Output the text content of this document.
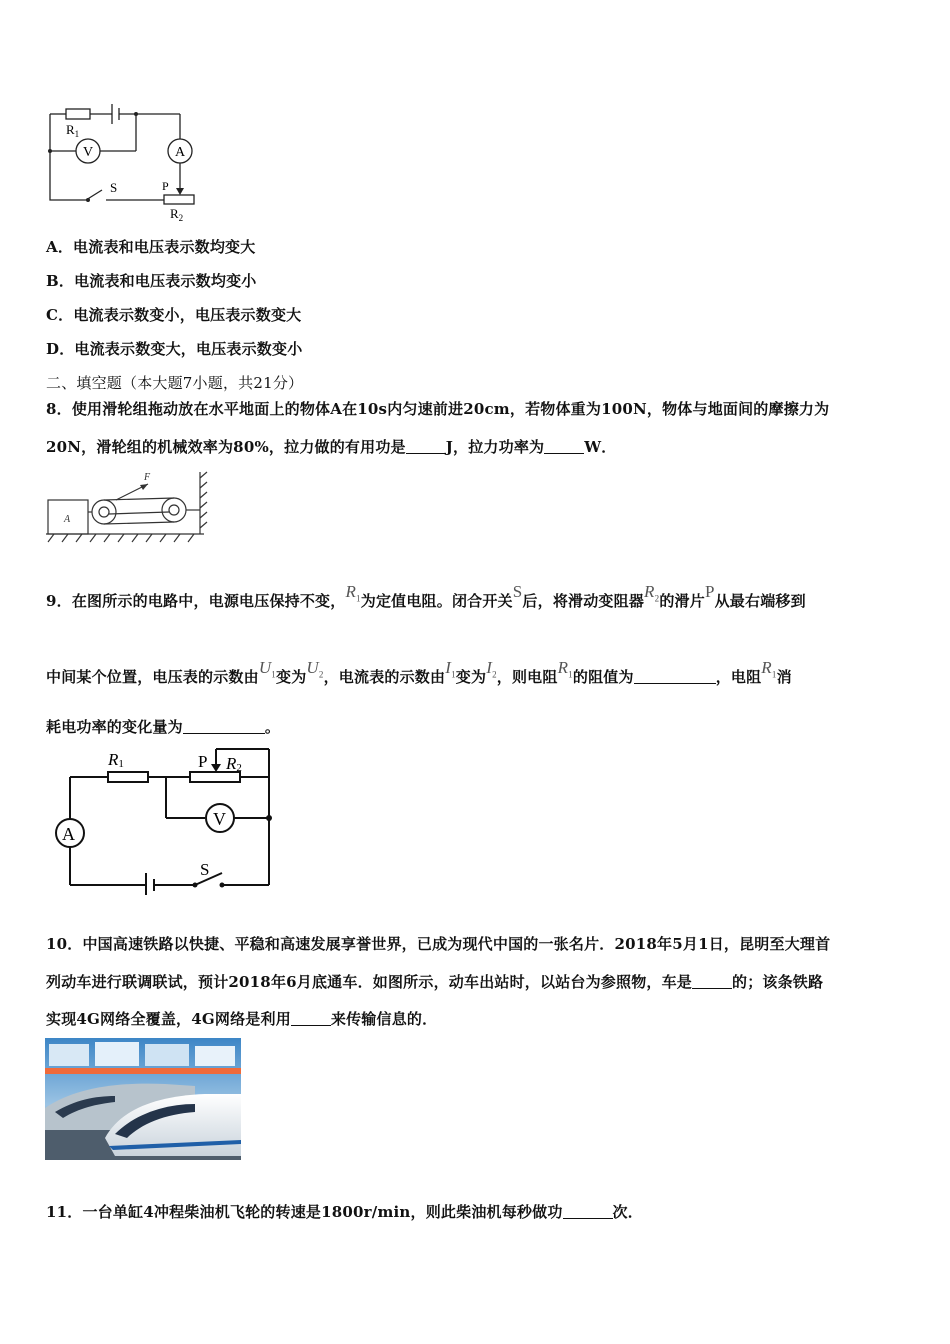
$R_1$
V	A
S	P
$R_2$
A．电流表和电压表示数均变大
B．电流表和电压表示数均变小
C．电流表示数变小，电压表示数变大
D．电流表示数变大，电压表示数变小
二、填空题（本大题7小题，共21分）
8．使用滑轮组拖动放在水平地面上的物体A在10s内匀速前进20cm，若物体重为100N，物体与地面间的摩擦力为
20N，滑轮组的机械效率为80%，拉力做的有用功是	J，拉力功率为	W．
A
F
9．在图所示的电路中，电源电压保持不变，$R_1$为定值电阻。闭合开关S后，将滑动变阻器$R_2$的滑片P从最右端移到
中间某个位置，电压表的示数由$U_1$变为$U_2$，电流表的示数由$I_1$变为$I_2$，则电阻$R_1$的阻值为	，电阻$R_1$消
耗电功率的变化量为	。
R1	P R2
V
A
S
10．中国高速铁路以快捷、平稳和高速发展享誉世界，已成为现代中国的一张名片．2018年5月1日，昆明至大理首
列动车进行联调联试，预计2018年6月底通车．如图所示，动车出站时，以站台为参照物，车是	的；该条铁路
实现4G网络全覆盖，4G网络是利用	来传输信息的．
11．一台单缸4冲程柴油机飞轮的转速是1800r/min，则此柴油机每秒做功	次．
